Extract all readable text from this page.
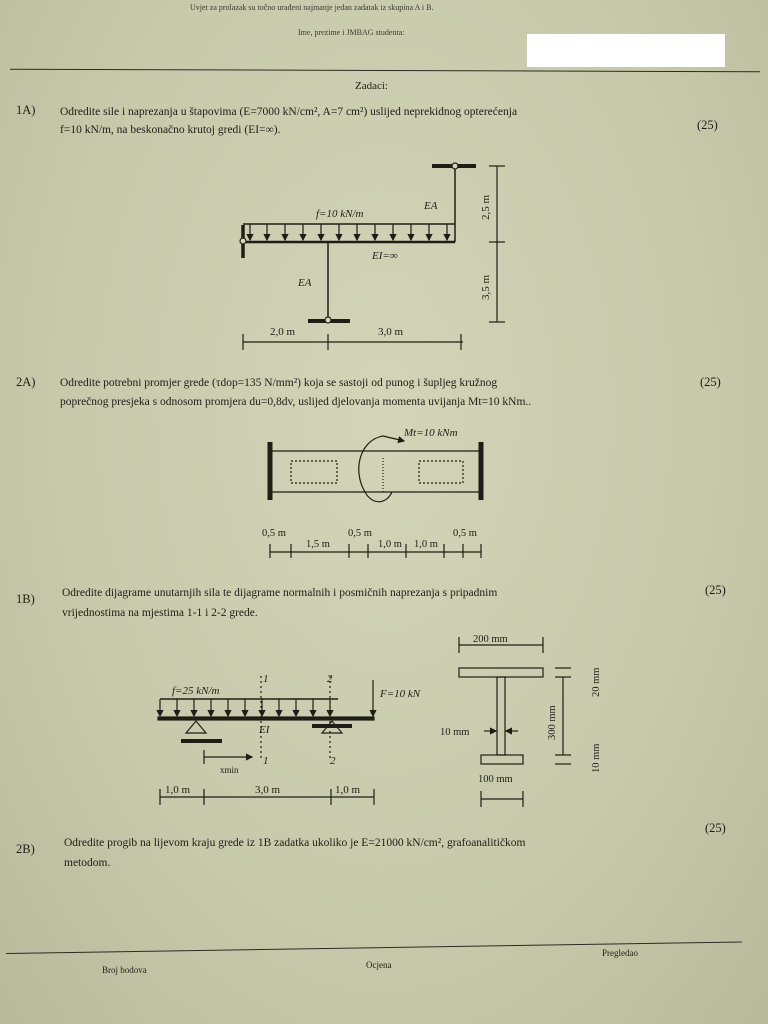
Uvjet za prolazak su točno urađeni najmanje jedan zadatak iz skupina A i B.
Ime, prezime i JMBAG studenta:
Zadaci:
1A) Odredite sile i naprezanja u štapovima (E=7000 kN/cm², A=7 cm²) uslijed neprekidnog opterećenja
f=10 kN/m, na beskonačno krutoj gredi (EI=∞).	(25)
2A) Odredite potrebni promjer grede (τdop=135 N/mm²) koja se sastoji od punog i šupljeg kružnog
poprečnog presjeka s odnosom promjera du=0,8dv, uslijed djelovanja momenta uvijanja Mt=10 kNm..
(25)
1B) Odredite dijagrame unutarnjih sila te dijagrame normalnih i posmičnih naprezanja s pripadnim
vrijednostima na mjestima 1-1 i 2-2 grede.
(25)
2B)	Odredite progib na lijevom kraju grede iz 1B zadatka ukoliko je E=21000 kN/cm², grafoanalitičkom
metodom.
(25)
f=10 kN/m
EA
EA
EI=∞
2,0 m	3,0 m
2,5 m
3,5 m
Mt=10 kNm
0,5 m
1,5 m
0,5 m
1,0 m 1,0 m
0,5 m
f=25 kN/m	F=10 kN
EI
1
1
2
2
xmin
1,0 m	3,0 m	1,0 m
200 mm
10 mm	300 mm
20 mm
10 mm
100 mm
Broj bodova	Ocjena
Pregledao
